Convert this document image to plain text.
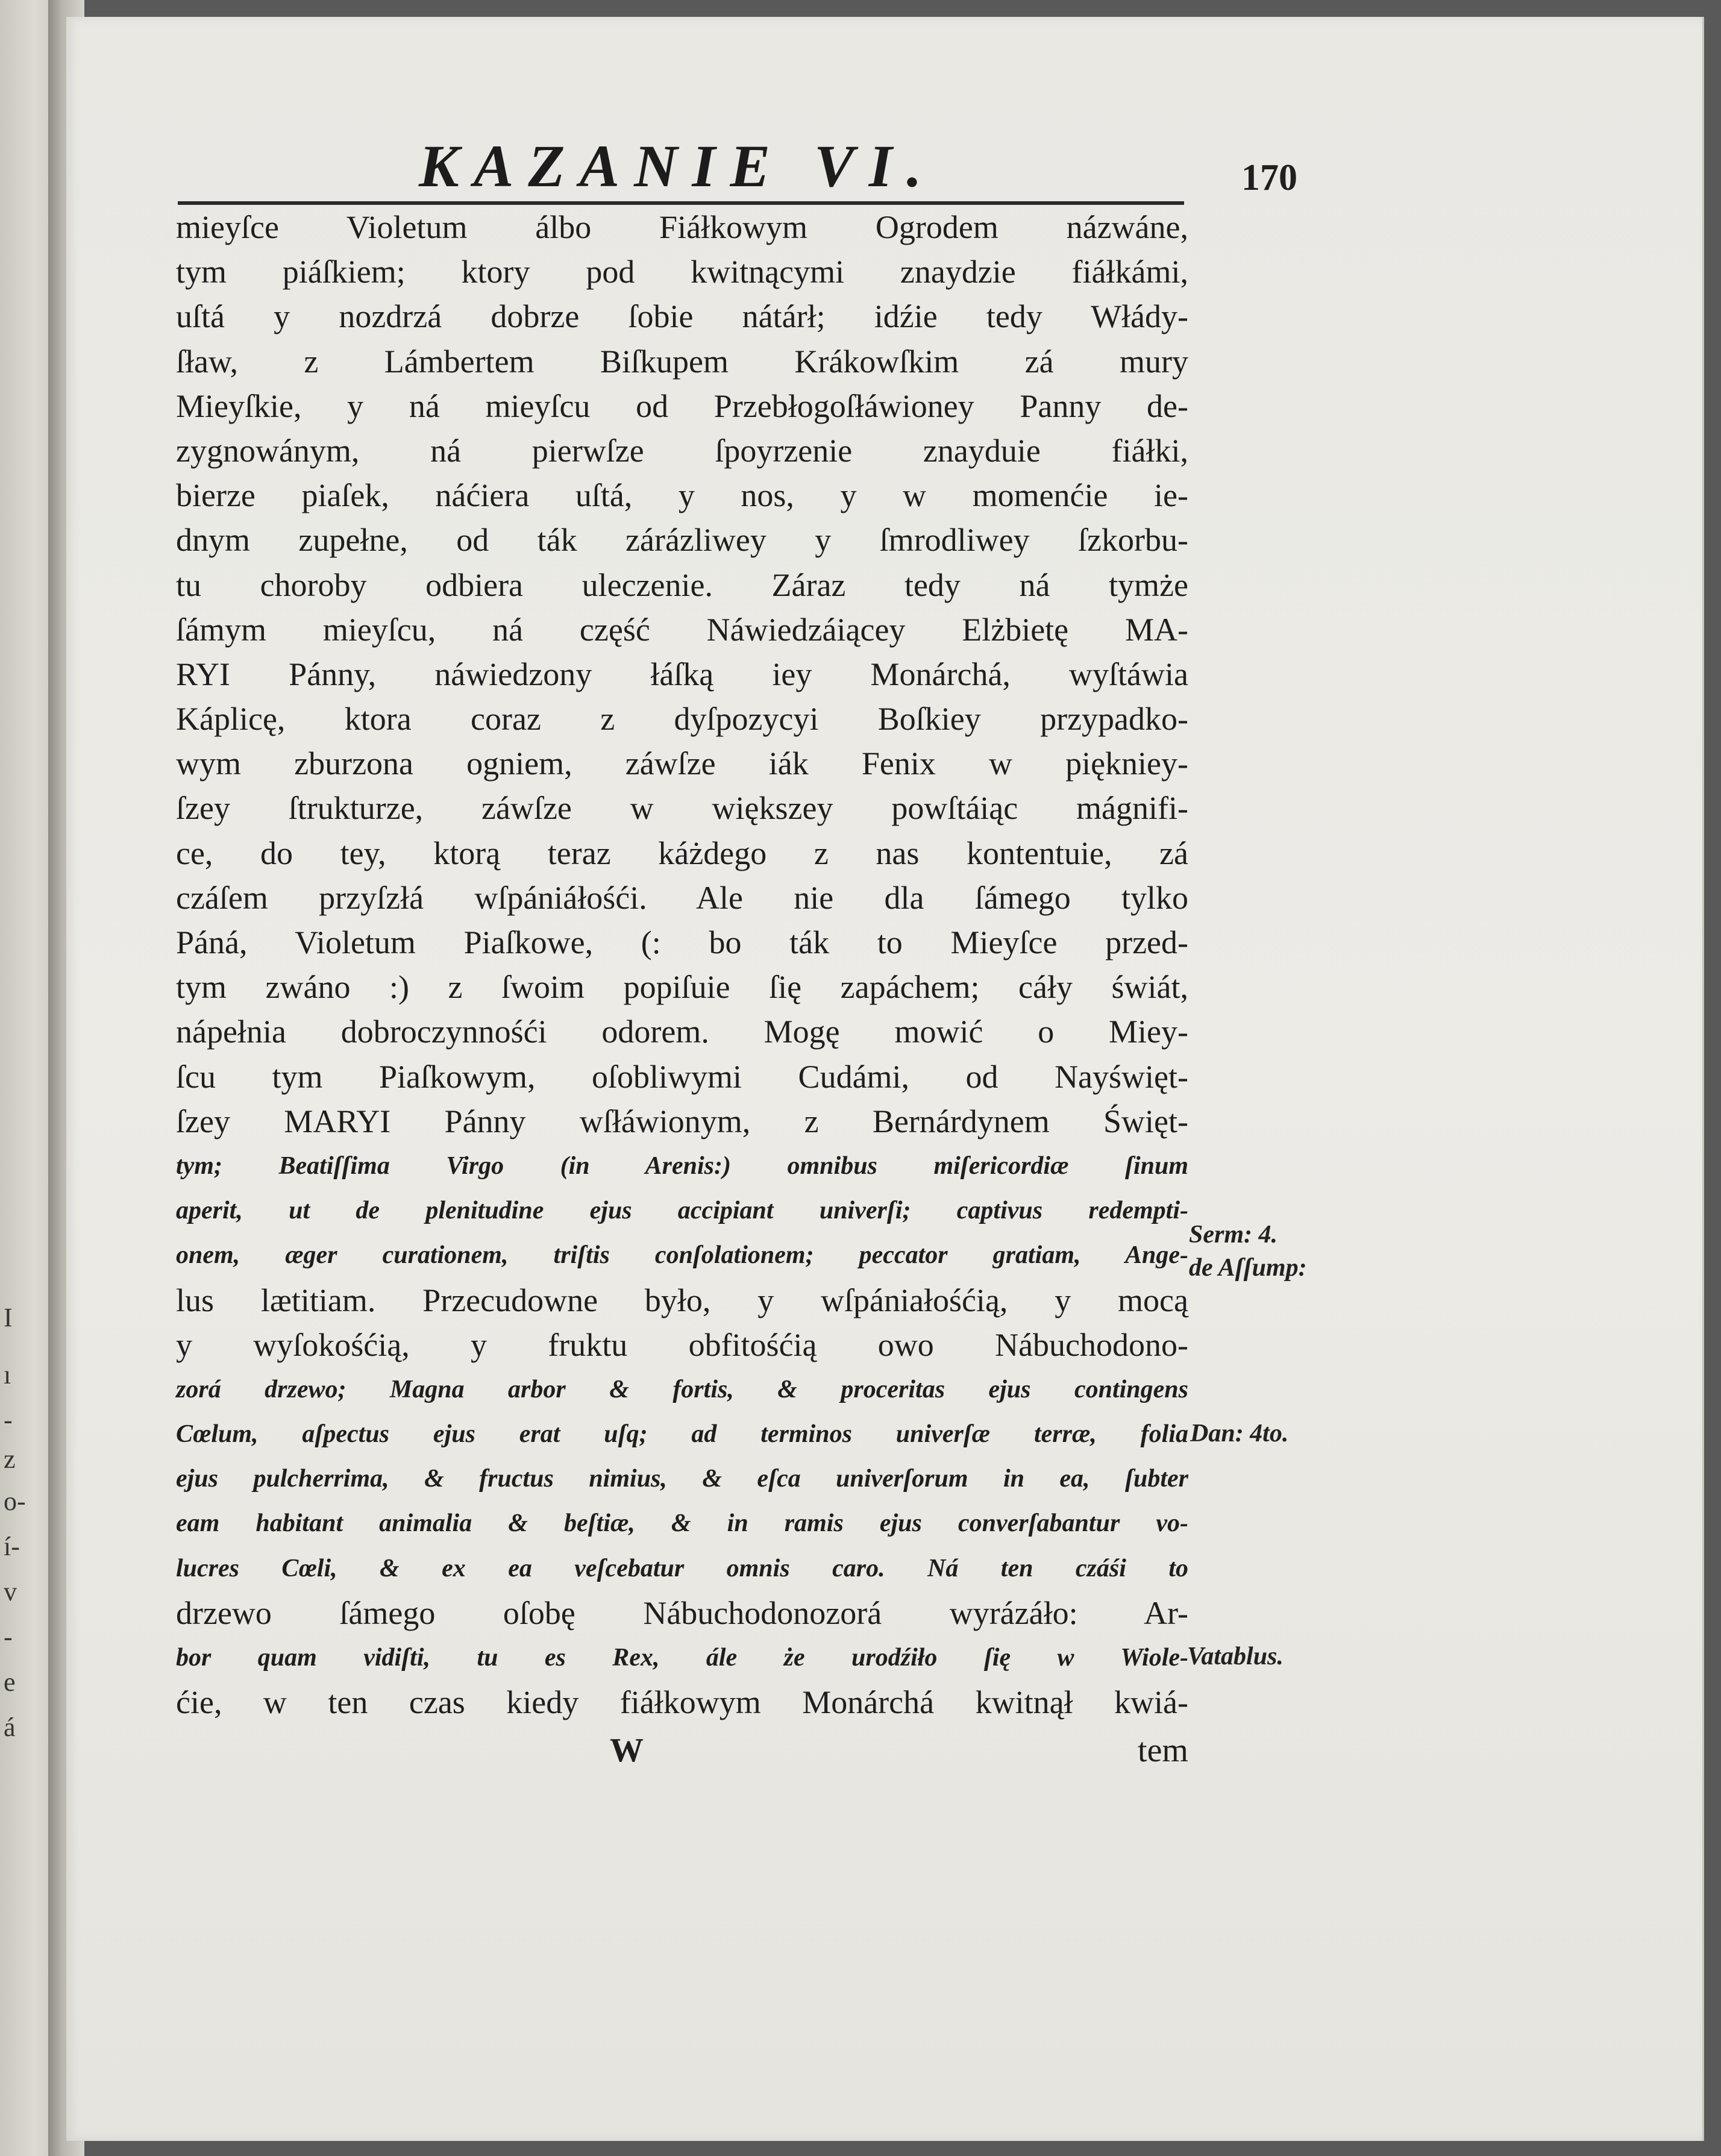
I
ı
-
z
o-
í-
v
-
e
á
KAZANIE VI.	170
mieyſce Violetum álbo Fiáłkowym Ogrodem názwáne,
tym piáſkiem; ktory pod kwitnącymi znaydzie fiáłkámi,
uſtá y nozdrzá dobrze ſobie nátárł; idźie tedy Włády-
ſław, z Lámbertem Biſkupem Krákowſkim zá mury
Mieyſkie, y ná mieyſcu od Przebłogoſłáwioney Panny de-
zygnowánym, ná pierwſze ſpoyrzenie znayduie fiáłki,
bierze piaſek, náćiera uſtá, y nos, y w momenćie ie-
dnym zupełne, od ták zárázliwey y ſmrodliwey ſzkorbu-
tu choroby odbiera uleczenie. Záraz tedy ná tymże
ſámym mieyſcu, ná część Náwiedzáiącey Elżbietę MA-
RYI Pánny, náwiedzony łáſką iey Monárchá, wyſtáwia
Káplicę, ktora coraz z dyſpozycyi Boſkiey przypadko-
wym zburzona ogniem, záwſze iák Fenix w piękniey-
ſzey ſtrukturze, záwſze w większey powſtáiąc mágnifi-
ce, do tey, ktorą teraz káżdego z nas kontentuie, zá
czáſem przyſzłá wſpániáłośći. Ale nie dla ſámego tylko
Páná, Violetum Piaſkowe, (: bo ták to Mieyſce przed-
tym zwáno :) z ſwoim popiſuie ſię zapáchem; cáły świát,
nápełnia dobroczynnośći odorem. Mogę mowić o Miey-
ſcu tym Piaſkowym, oſobliwymi Cudámi, od Nayświęt-
ſzey MARYI Pánny wſłáwionym, z Bernárdynem Święt-
tym; Beatiſſima Virgo (in Arenis:) omnibus miſericordiæ ſinum
aperit, ut de plenitudine ejus accipiant univerſi; captivus redempti-
onem, æger curationem, triſtis conſolationem; peccator gratiam, Ange-
lus lætitiam. Przecudowne było, y wſpániałośćią, y mocą
y wyſokośćią, y fruktu obfitośćią owo Nábuchodono-
zorá drzewo; Magna arbor & fortis, & proceritas ejus contingens
Cœlum, aſpectus ejus erat uſq; ad terminos univerſæ terræ, folia
ejus pulcherrima, & fructus nimius, & eſca univerſorum in ea, ſubter
eam habitant animalia & beſtiæ, & in ramis ejus converſabantur vo-
lucres Cœli, & ex ea veſcebatur omnis caro. Ná ten czáśi to
drzewo ſámego oſobę Nábuchodonozorá wyrázáło: Ar-
bor quam vidiſti, tu es Rex, ále że urodźiło ſię w Wiole-
ćie, w ten czas kiedy fiáłkowym Monárchá kwitnął kwiá-
W	tem
Serm: 4.
de Aſſump:
Dan: 4to.
Vatablus.
